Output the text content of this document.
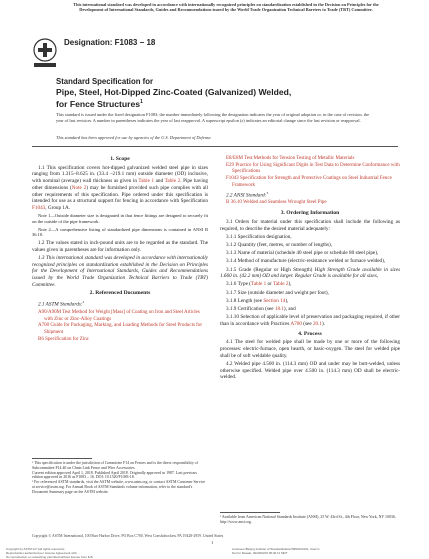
This international standard was developed in accordance with internationally recognized principles on standardization established in the Decision on Principles for the
Development of International Standards, Guides and Recommendations issued by the World Trade Organization Technical Barriers to Trade (TBT) Committee.
Designation: F1083 − 18
Standard Specification for
Pipe, Steel, Hot-Dipped Zinc-Coated (Galvanized) Welded,
for Fence Structures$^1$
This standard is issued under the fixed designation F1083; the number immediately following the designation indicates the year of original adoption or, in the case of revision, the year of last revision. A number in parentheses indicates the year of last reapproval. A superscript epsilon (ε) indicates an editorial change since the last revision or reapproval.
This standard has been approved for use by agencies of the U.S. Department of Defense.
1. Scope
1.1 This specification covers hot-dipped galvanized welded steel pipe in sizes ranging from 1.315–8.625 in. (33.4 –219.1 mm) outside diameter (OD) inclusive, with nominal (average) wall thickness as given in Table 1 and Table 2. Pipe having other dimensions (Note 2) may be furnished provided such pipe complies with all other requirements of this specification. Pipe ordered under this specification is intended for use as a structural support for fencing in accordance with Specification F1043, Group 1A.
Note 1—Outside diameter size is designated in that fence fittings are designed to securely fit on the outside of the pipe framework.
Note 2—A comprehensive listing of standardized pipe dimensions is contained in ANSI B 36.10.
1.2 The values stated in inch-pound units are to be regarded as the standard. The values given in parentheses are for information only.
1.3 This international standard was developed in accordance with internationally recognized principles on standardization established in the Decision on Principles for the Development of International Standards, Guides and Recommendations issued by the World Trade Organization Technical Barriers to Trade (TBT) Committee.
2. Referenced Documents
2.1 ASTM Standards:$^2$
A90/A90M Test Method for Weight [Mass] of Coating on Iron and Steel Articles with Zinc or Zinc-Alloy Coatings
A700 Guide for Packaging, Marking, and Loading Methods for Steel Products for Shipment
B6 Specification for Zinc
¹ This specification is under the jurisdiction of Committee F14 on Fences and is the direct responsibility of Subcommittee F14.40 on Chain Link Fence and Wire Accessories.
Current edition approved April 1, 2018. Published April 2018. Originally approved in 1987. Last previous edition approved in 2016 as F1083 – 16. DOI: 10.1520/F1083-18.
² For referenced ASTM standards, visit the ASTM website, www.astm.org, or contact ASTM Customer Service at service@astm.org. For Annual Book of ASTM Standards volume information, refer to the standard's Document Summary page on the ASTM website.
E8/E8M Test Methods for Tension Testing of Metallic Materials
E29 Practice for Using Significant Digits in Test Data to Determine Conformance with Specifications
F1043 Specification for Strength and Protective Coatings on Steel Industrial Fence Framework
2.2 ANSI Standard:$^3$
B 36.10 Welded and Seamless Wrought Steel Pipe
3. Ordering Information
3.1 Orders for material under this specification shall include the following as required, to describe the desired material adequately:
3.1.1 Specification designation,
3.1.2 Quantity (feet, metres, or number of lengths),
3.1.3 Name of material (schedule 40 steel pipe or schedule 80 steel pipe),
3.1.4 Method of manufacture (electric-resistance welded or furnace welded),
3.1.5 Grade (Regular or High Strength) High Strength Grade available in sizes 1.660 in. (42.2 mm) OD and larger. Regular Grade is available for all sizes,
3.1.6 Type (Table 1 or Table 2),
3.1.7 Size (outside diameter and weight per foot),
3.1.8 Length (see Section 14),
3.1.9 Certification (see 18.1), and
3.1.10 Selection of applicable level of preservation and packaging required, if other than in accordance with Practices A700 (see 20.1).
4. Process
4.1 The steel for welded pipe shall be made by one or more of the following processes: electric-furnace, open hearth, or basic-oxygen. The steel for welded pipe shall be of soft weldable quality.
4.2 Welded pipe 4.500 in. (114.3 mm) OD and under may be butt-welded, unless otherwise specified. Welded pipe over 4.500 in. (114.3 mm) OD shall be electric-welded.
³ Available from American National Standards Institute (ANSI), 25 W. 43rd St., 4th Floor, New York, NY 10036, http://www.ansi.org.
Copyright © ASTM International, 100 Barr Harbor Drive, PO Box C700, West Conshohocken, PA 19428-2959. United States
1
Copyright by ASTM Int'l (all rights reserved);
Reproduction authorized per License Agreement with ...
No reproduction or networking permitted without license from IHS
Licensee=Beijing Institute of Standardization/5990110101, User=x
Not for Resale, 2020/03/20 05:40:11 MDT
